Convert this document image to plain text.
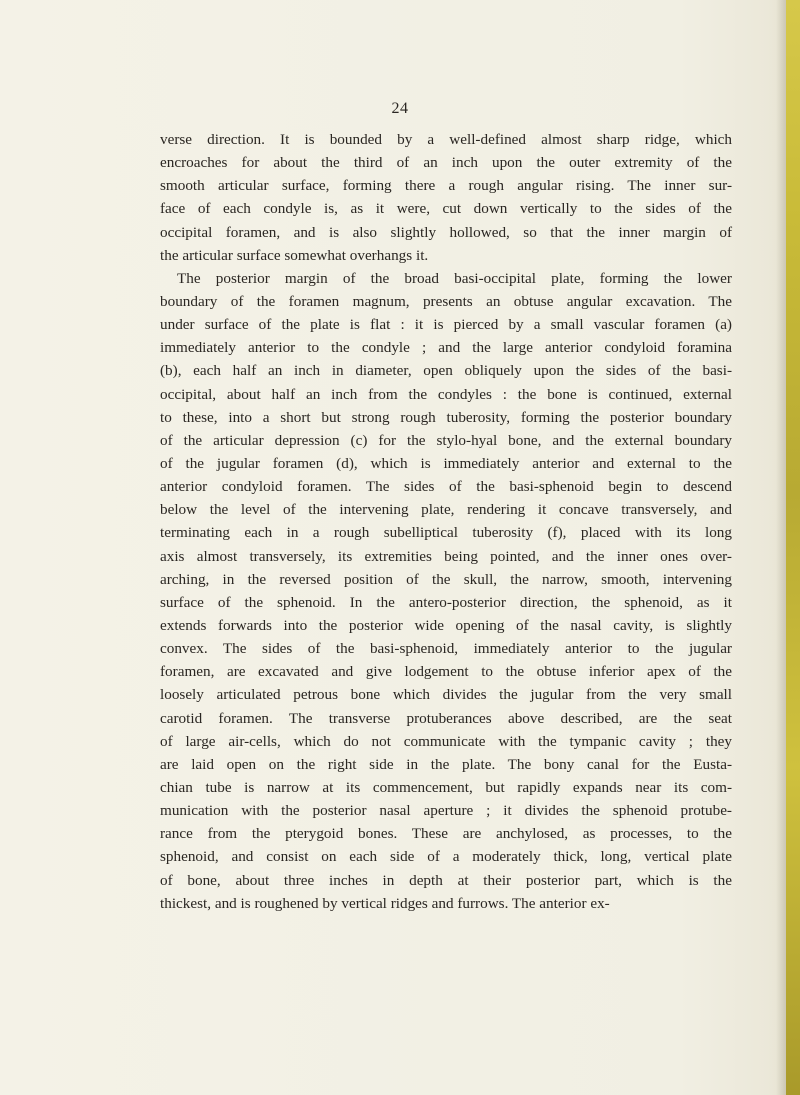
24
verse direction. It is bounded by a well-defined almost sharp ridge, which
encroaches for about the third of an inch upon the outer extremity of the
smooth articular surface, forming there a rough angular rising. The inner sur-
face of each condyle is, as it were, cut down vertically to the sides of the
occipital foramen, and is also slightly hollowed, so that the inner margin of
the articular surface somewhat overhangs it.
The posterior margin of the broad basi-occipital plate, forming the lower
boundary of the foramen magnum, presents an obtuse angular excavation. The
under surface of the plate is flat : it is pierced by a small vascular foramen (a)
immediately anterior to the condyle ; and the large anterior condyloid foramina
(b), each half an inch in diameter, open obliquely upon the sides of the basi-
occipital, about half an inch from the condyles : the bone is continued, external
to these, into a short but strong rough tuberosity, forming the posterior boundary
of the articular depression (c) for the stylo-hyal bone, and the external boundary
of the jugular foramen (d), which is immediately anterior and external to the
anterior condyloid foramen. The sides of the basi-sphenoid begin to descend
below the level of the intervening plate, rendering it concave transversely, and
terminating each in a rough subelliptical tuberosity (f), placed with its long
axis almost transversely, its extremities being pointed, and the inner ones over-
arching, in the reversed position of the skull, the narrow, smooth, intervening
surface of the sphenoid. In the antero-posterior direction, the sphenoid, as it
extends forwards into the posterior wide opening of the nasal cavity, is slightly
convex. The sides of the basi-sphenoid, immediately anterior to the jugular
foramen, are excavated and give lodgement to the obtuse inferior apex of the
loosely articulated petrous bone which divides the jugular from the very small
carotid foramen. The transverse protuberances above described, are the seat
of large air-cells, which do not communicate with the tympanic cavity ; they
are laid open on the right side in the plate. The bony canal for the Eusta-
chian tube is narrow at its commencement, but rapidly expands near its com-
munication with the posterior nasal aperture ; it divides the sphenoid protube-
rance from the pterygoid bones. These are anchylosed, as processes, to the
sphenoid, and consist on each side of a moderately thick, long, vertical plate
of bone, about three inches in depth at their posterior part, which is the
thickest, and is roughened by vertical ridges and furrows. The anterior ex-
